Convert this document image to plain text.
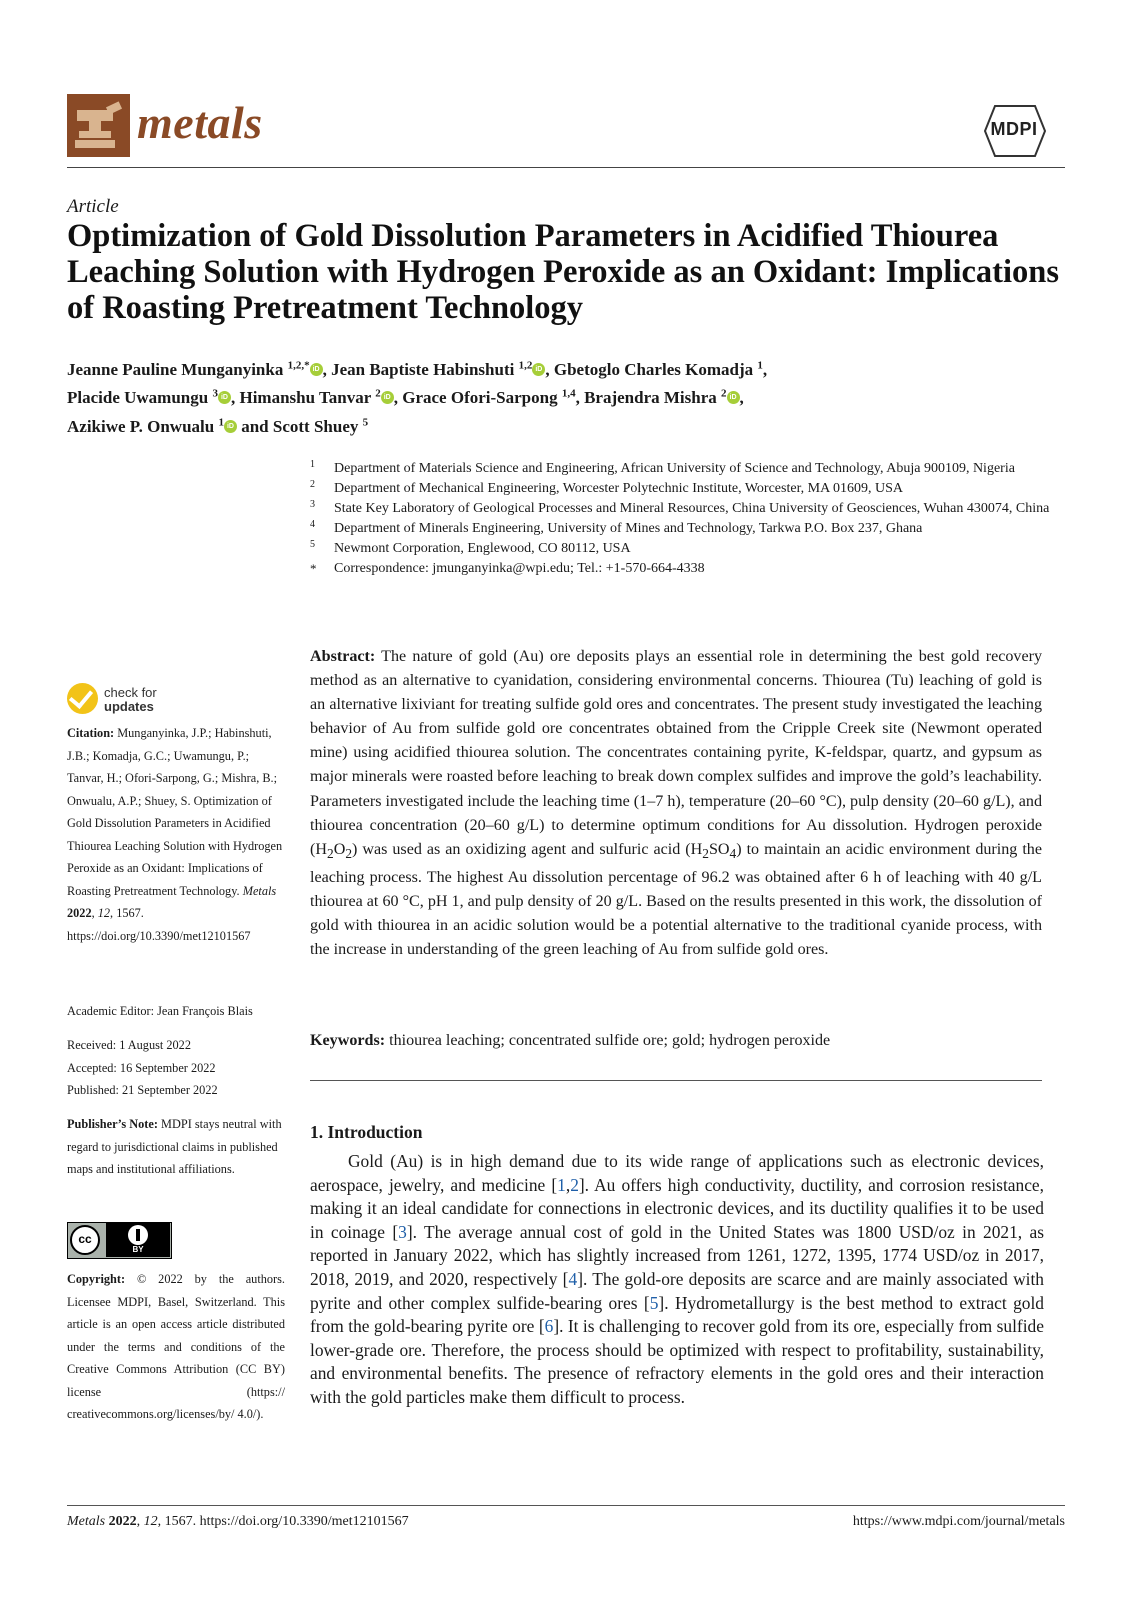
metals	MDPI
Article
Optimization of Gold Dissolution Parameters in Acidified Thiourea Leaching Solution with Hydrogen Peroxide as an Oxidant: Implications of Roasting Pretreatment Technology
Jeanne Pauline Munganyinka $^{1,2,*}$ iD , Jean Baptiste Habinshuti $^{1,2}$ iD , Gbetoglo Charles Komadja $^1$,
Placide Uwamungu $^3$ iD , Himanshu Tanvar $^2$ iD , Grace Ofori-Sarpong $^{1,4}$, Brajendra Mishra $^2$ iD ,
Azikiwe P. Onwualu $^1$ iD and Scott Shuey $^5$
1 Department of Materials Science and Engineering, African University of Science and Technology, Abuja 900109, Nigeria
2 Department of Mechanical Engineering, Worcester Polytechnic Institute, Worcester, MA 01609, USA
3 State Key Laboratory of Geological Processes and Mineral Resources, China University of Geosciences, Wuhan 430074, China
4 Department of Minerals Engineering, University of Mines and Technology, Tarkwa P.O. Box 237, Ghana
5 Newmont Corporation, Englewood, CO 80112, USA
* Correspondence: jmunganyinka@wpi.edu; Tel.: +1-570-664-4338
Abstract: The nature of gold (Au) ore deposits plays an essential role in determining the best gold recovery method as an alternative to cyanidation, considering environmental concerns. Thiourea (Tu) leaching of gold is an alternative lixiviant for treating sulfide gold ores and concentrates. The present study investigated the leaching behavior of Au from sulfide gold ore concentrates obtained from the Cripple Creek site (Newmont operated mine) using acidified thiourea solution. The concentrates containing pyrite, K-feldspar, quartz, and gypsum as major minerals were roasted before leaching to break down complex sulfides and improve the gold’s leachability. Parameters investigated include the leaching time (1–7 h), temperature (20–60 °C), pulp density (20–60 g/L), and thiourea concentration (20–60 g/L) to determine optimum conditions for Au dissolution. Hydrogen peroxide $(H_2O_2)$ was used as an oxidizing agent and sulfuric acid $(H_2SO_4)$ to maintain an acidic environment during the leaching process. The highest Au dissolution percentage of 96.2 was obtained after 6 h of leaching with 40 g/L thiourea at 60 °C, pH 1, and pulp density of 20 g/L. Based on the results presented in this work, the dissolution of gold with thiourea in an acidic solution would be a potential alternative to the traditional cyanide process, with the increase in understanding of the green leaching of Au from sulfide gold ores.
Keywords: thiourea leaching; concentrated sulfide ore; gold; hydrogen peroxide
1. Introduction
Gold (Au) is in high demand due to its wide range of applications such as electronic devices, aerospace, jewelry, and medicine [1,2]. Au offers high conductivity, ductility, and corrosion resistance, making it an ideal candidate for connections in electronic devices, and its ductility qualifies it to be used in coinage [3]. The average annual cost of gold in the United States was 1800 USD/oz in 2021, as reported in January 2022, which has slightly increased from 1261, 1272, 1395, 1774 USD/oz in 2017, 2018, 2019, and 2020, respectively [4]. The gold-ore deposits are scarce and are mainly associated with pyrite and other complex sulfide-bearing ores [5]. Hydrometallurgy is the best method to extract gold from the gold-bearing pyrite ore [6]. It is challenging to recover gold from its ore, especially from sulfide lower-grade ore. Therefore, the process should be optimized with respect to profitability, sustainability, and environmental benefits. The presence of refractory elements in the gold ores and their interaction with the gold particles make them difficult to process.
check for
updates
Citation: Munganyinka, J.P.; Habinshuti, J.B.; Komadja, G.C.; Uwamungu, P.; Tanvar, H.; Ofori-Sarpong, G.; Mishra, B.; Onwualu, A.P.; Shuey, S. Optimization of Gold Dissolution Parameters in Acidified Thiourea Leaching Solution with Hydrogen Peroxide as an Oxidant: Implications of Roasting Pretreatment Technology. Metals 2022, 12, 1567. https://doi.org/10.3390/met12101567
Academic Editor: Jean François Blais
Received: 1 August 2022
Accepted: 16 September 2022
Published: 21 September 2022
Publisher’s Note: MDPI stays neutral with regard to jurisdictional claims in published maps and institutional affiliations.
cc
BY
Copyright: © 2022 by the authors. Licensee MDPI, Basel, Switzerland. This article is an open access article distributed under the terms and conditions of the Creative Commons Attribution (CC BY) license (https:// creativecommons.org/licenses/by/ 4.0/).
Metals 2022, 12, 1567. https://doi.org/10.3390/met12101567	https://www.mdpi.com/journal/metals
